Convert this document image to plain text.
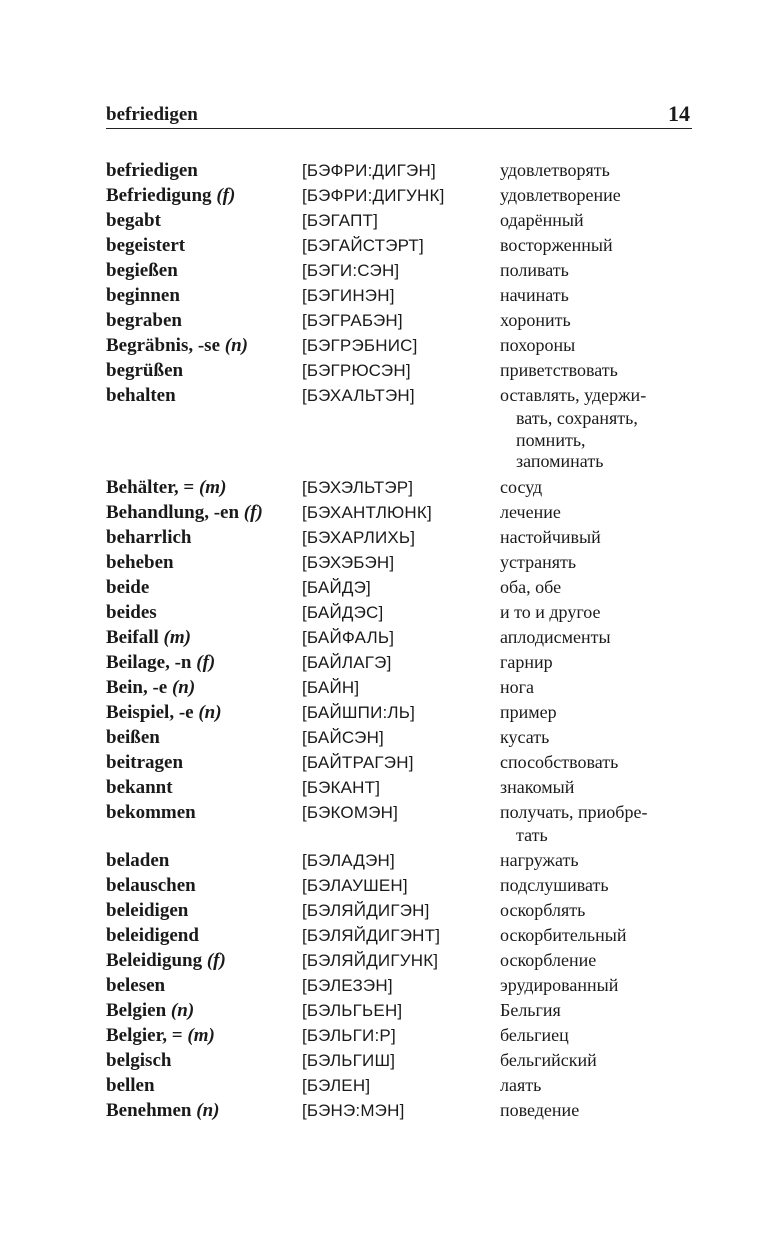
befriedigen	14
befriedigen	[БЭФРИ:ДИГЭН]	удовлетворять
Befriedigung (f)	[БЭФРИ:ДИГУНК]	удовлетворение
begabt	[БЭГАПТ]	одарённый
begeistert	[БЭГАЙСТЭРТ]	восторженный
begießen	[БЭГИ:СЭН]	поливать
beginnen	[БЭГИНЭН]	начинать
begraben	[БЭГРАБЭН]	хоронить
Begräbnis, -se (n)	[БЭГРЭБНИС]	похороны
begrüßen	[БЭГРЮСЭН]	приветствовать
behalten	[БЭХАЛЬТЭН]	оставлять, удержи-
вать, сохранять,
помнить,
запоминать
Behälter, = (m)	[БЭХЭЛЬТЭР]	сосуд
Behandlung, -en (f) [БЭХАНТЛЮНК]	лечение
beharrlich	[БЭХАРЛИХЬ]	настойчивый
beheben	[БЭХЭБЭН]	устранять
beide	[БАЙДЭ]	оба, обе
beides	[БАЙДЭС]	и то и другое
Beifall (m)	[БАЙФАЛЬ]	аплодисменты
Beilage, -n (f)	[БАЙЛАГЭ]	гарнир
Bein, -e (n)	[БАЙН]	нога
Beispiel, -e (n)	[БАЙШПИ:ЛЬ]	пример
beißen	[БАЙСЭН]	кусать
beitragen	[БАЙТРАГЭН]	способствовать
bekannt	[БЭКАНТ]	знакомый
bekommen	[БЭКОМЭН]	получать, приобре-
тать
beladen	[БЭЛАДЭН]	нагружать
belauschen	[БЭЛАУШЕН]	подслушивать
beleidigen	[БЭЛЯЙДИГЭН]	оскорблять
beleidigend	[БЭЛЯЙДИГЭНТ]	оскорбительный
Beleidigung (f)	[БЭЛЯЙДИГУНК]	оскорбление
belesen	[БЭЛЕЗЭН]	эрудированный
Belgien (n)	[БЭЛЬГЬЕН]	Бельгия
Belgier, = (m)	[БЭЛЬГИ:Р]	бельгиец
belgisch	[БЭЛЬГИШ]	бельгийский
bellen	[БЭЛЕН]	лаять
Benehmen (n)	[БЭНЭ:МЭН]	поведение
